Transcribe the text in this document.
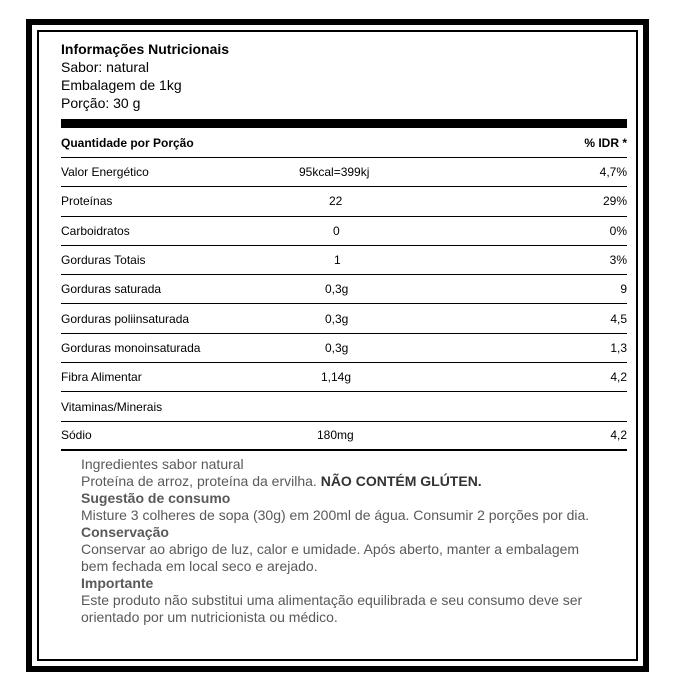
Informações Nutricionais
Sabor: natural
Embalagem de 1kg
Porção: 30 g
Quantidade por Porção	% IDR *
Valor Energético	95kcal=399kj	4,7%
Proteínas	22	29%
Carboidratos	0	0%
Gorduras Totais	1	3%
Gorduras saturada	0,3g	9
Gorduras poliinsaturada	0,3g	4,5
Gorduras monoinsaturada	0,3g	1,3
Fibra Alimentar	1,14g	4,2
Vitaminas/Minerais
Sódio	180mg	4,2
Ingredientes sabor natural
Proteína de arroz, proteína da ervilha. NÃO CONTÉM GLÚTEN.
Sugestão de consumo
Misture 3 colheres de sopa (30g) em 200ml de água. Consumir 2 porções por dia.
Conservação
Conservar ao abrigo de luz, calor e umidade. Após aberto, manter a embalagem bem fechada em local seco e arejado.
Importante
Este produto não substitui uma alimentação equilibrada e seu consumo deve ser orientado por um nutricionista ou médico.
